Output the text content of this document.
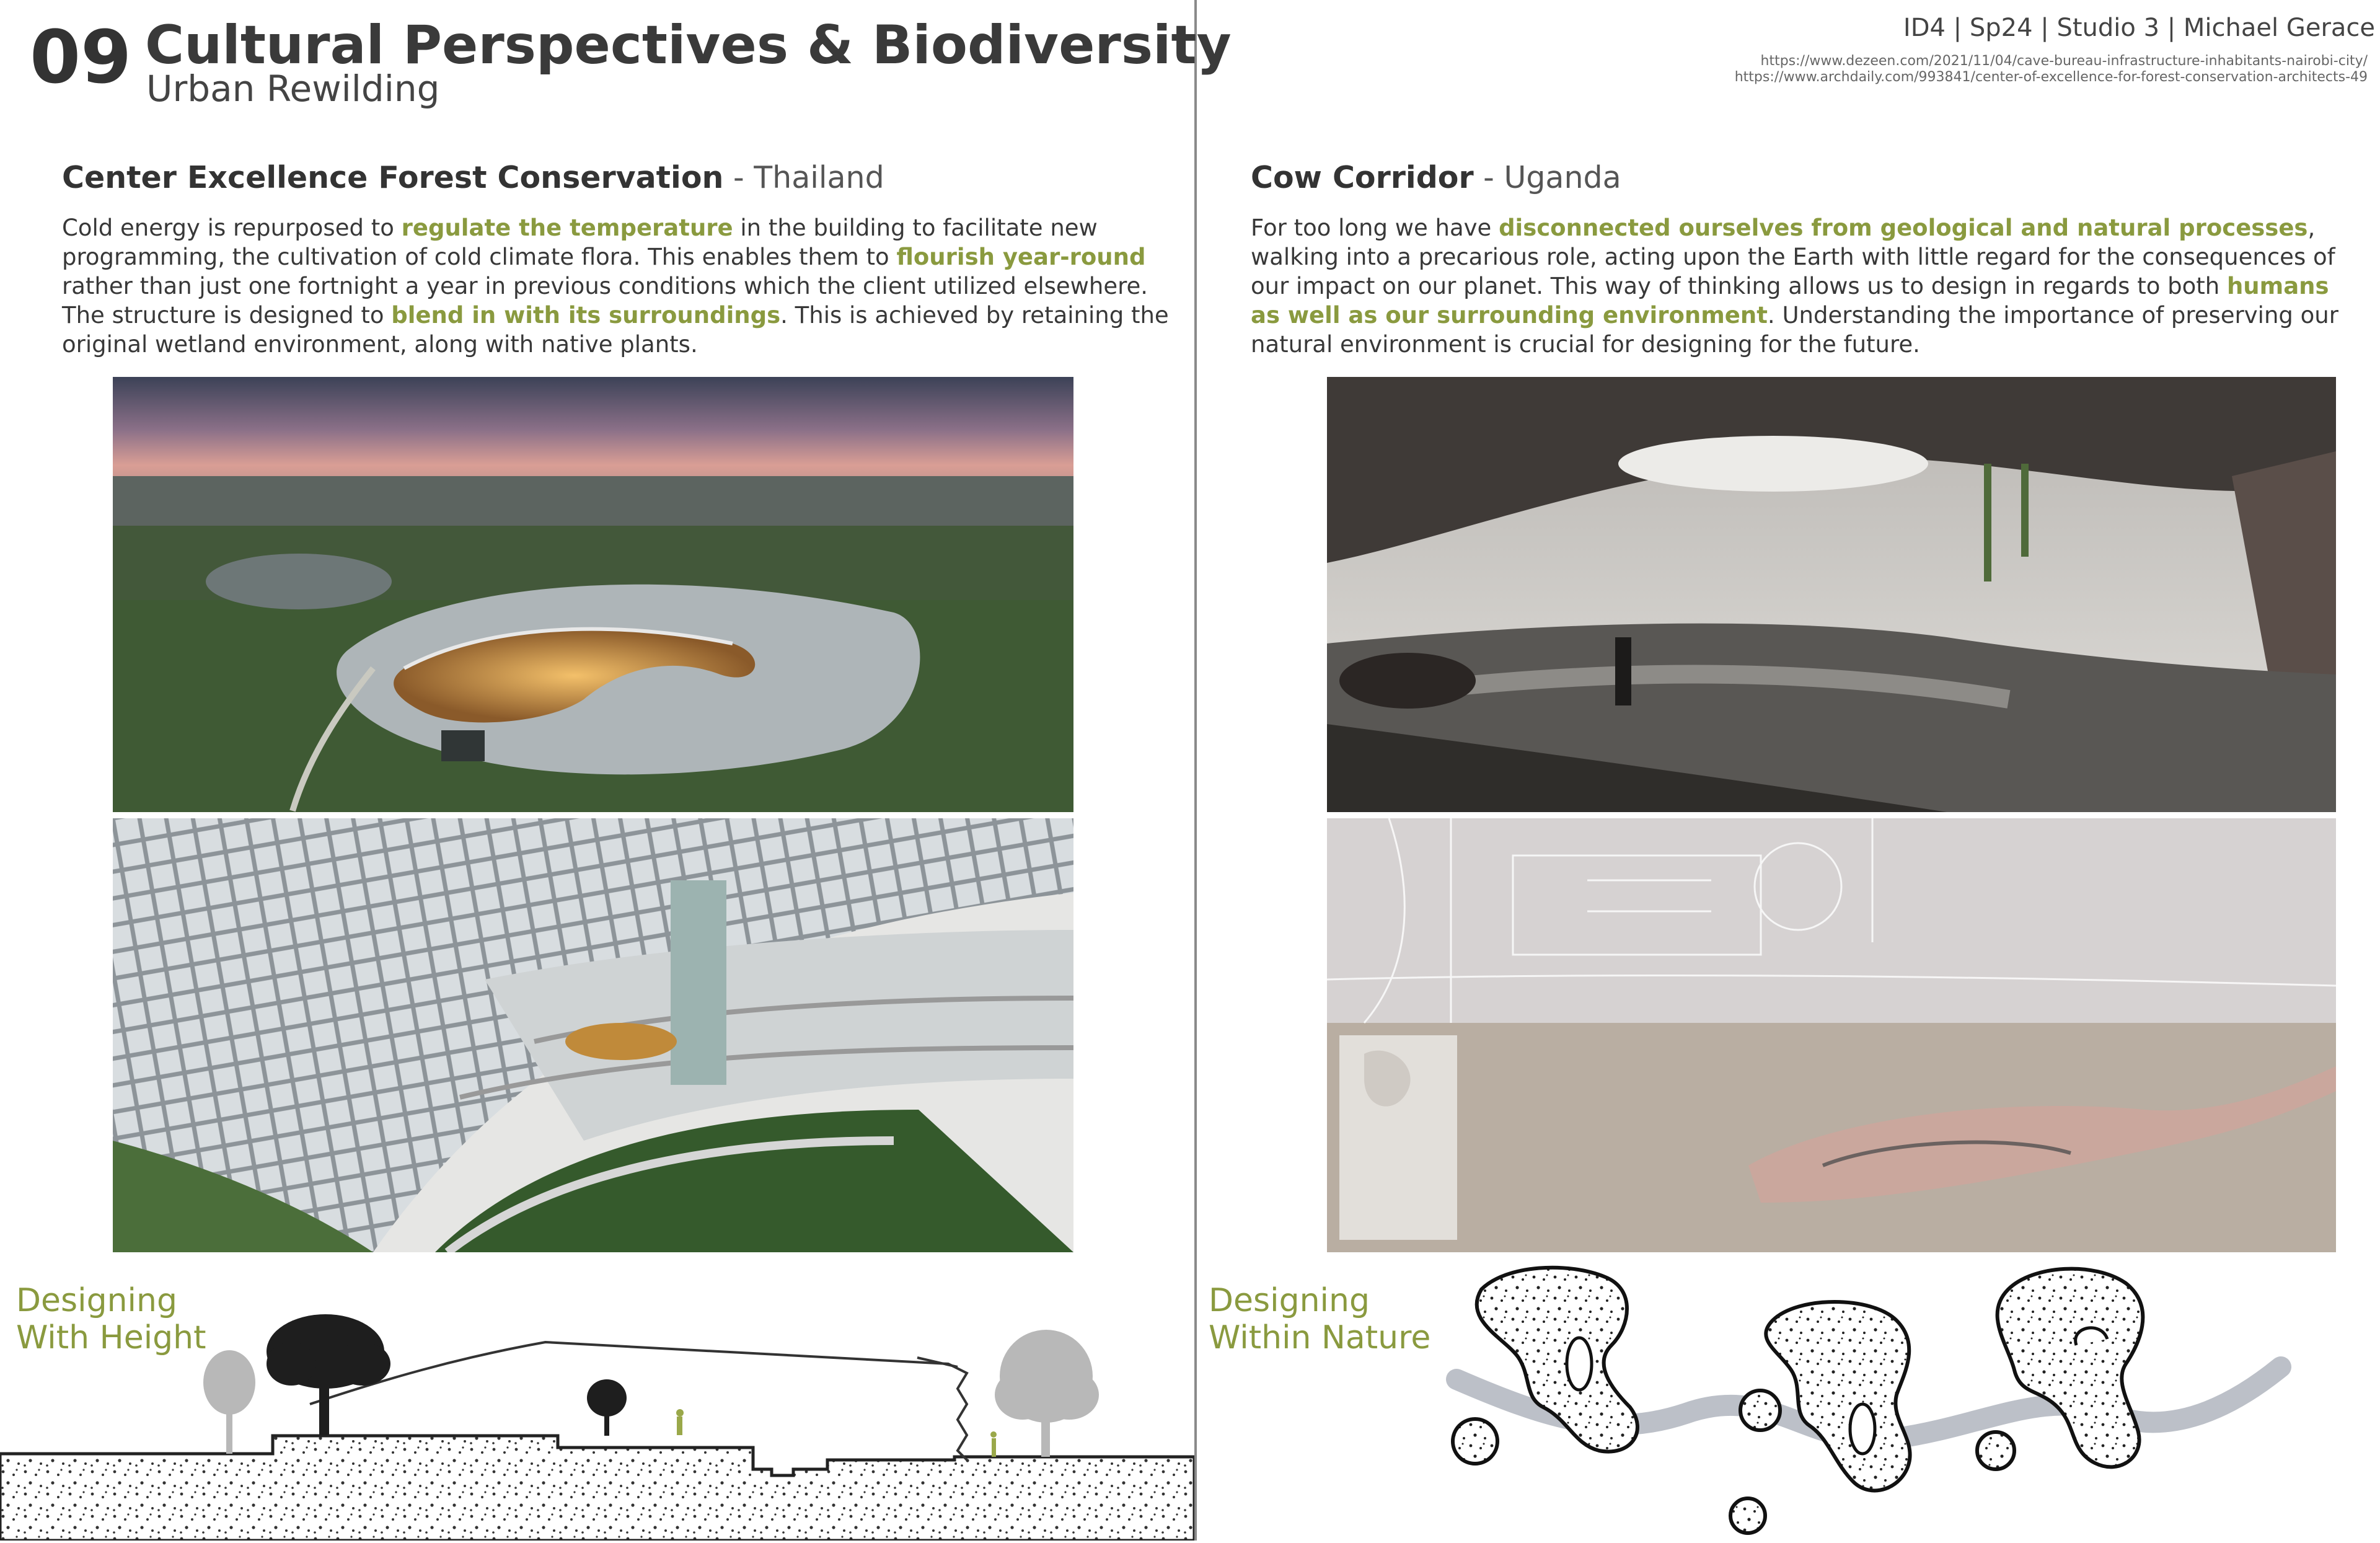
09 Cultural Perspectives & Biodiversity
Urban Rewilding
ID4 | Sp24 | Studio 3 | Michael Gerace
https://www.dezeen.com/2021/11/04/cave-bureau-infrastructure-inhabitants-nairobi-city/
https://www.archdaily.com/993841/center-of-excellence-for-forest-conservation-architects-49
Center Excellence Forest Conservation - Thailand
Cold energy is repurposed to regulate the temperature in the building to facilitate new programming, the cultivation of cold climate flora. This enables them to flourish year-round rather than just one fortnight a year in previous conditions which the client utilized elsewhere. The structure is designed to blend in with its surroundings. This is achieved by retaining the original wetland environment, along with native plants.
Cow Corridor - Uganda
For too long we have disconnected ourselves from geological and natural processes, walking into a precarious role, acting upon the Earth with little regard for the consequences of our impact on our planet. This way of thinking allows us to design in regards to both humans as well as our surrounding environment. Understanding the importance of preserving our natural environment is crucial for designing for the future.
Designing
With Height
Designing
Within Nature
